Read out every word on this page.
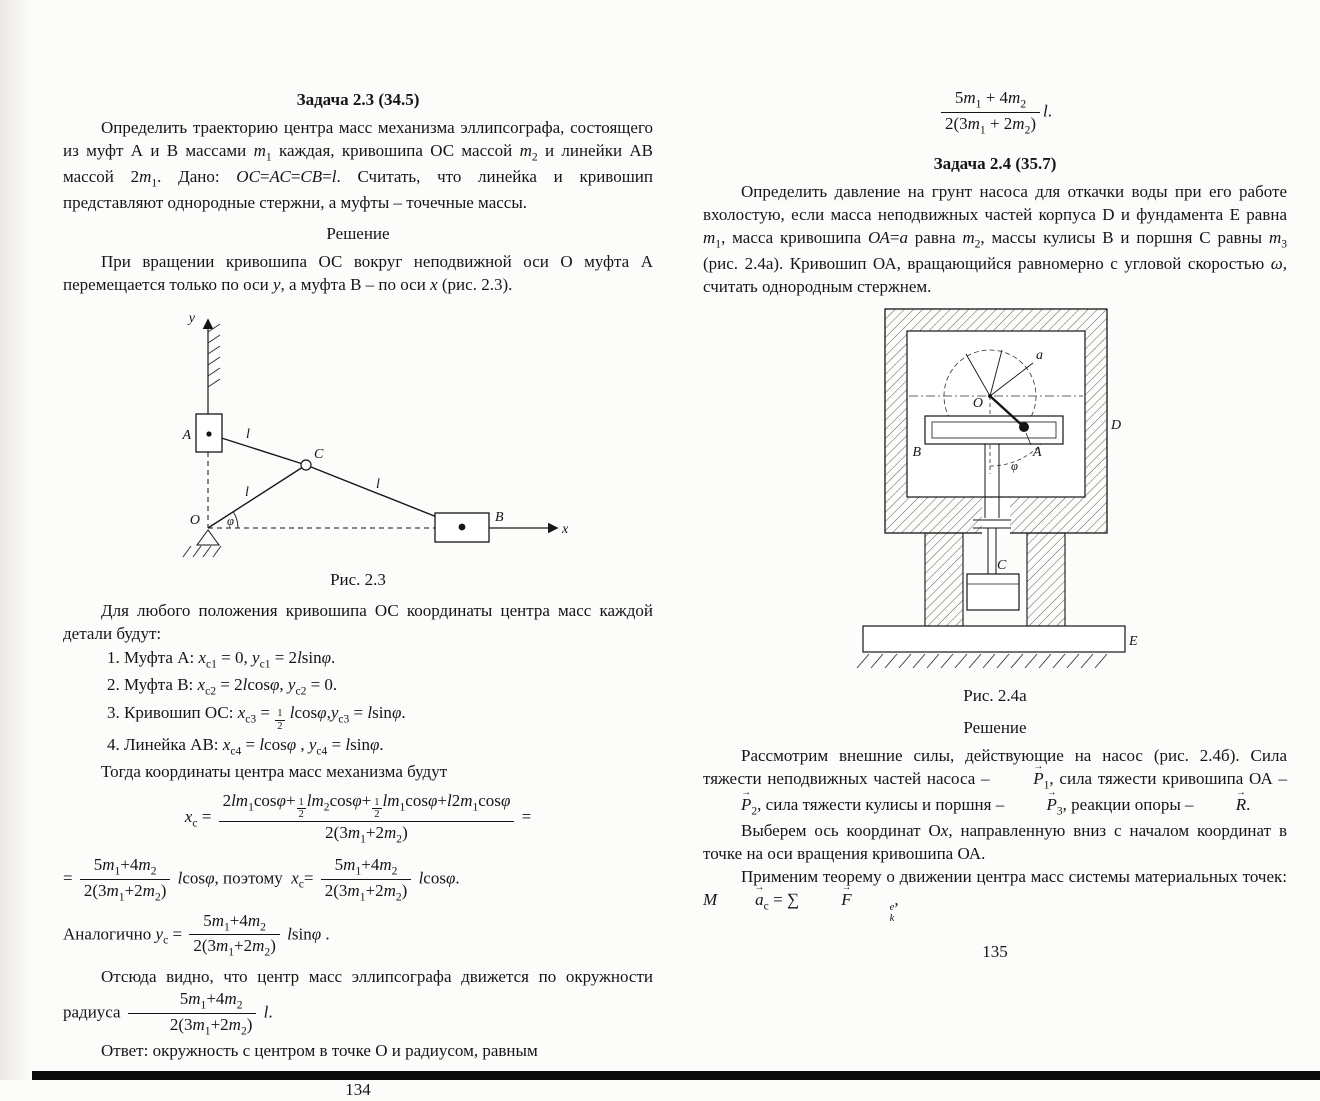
Задача 2.3 (34.5)

Определить траекторию центра масс механизма эллипсографа, состоящего из муфт А и В массами $m_1$ каждая, кривошипа ОС массой $m_2$ и линейки АВ массой $2m_1$. Дано: ОС=АС=СВ=l. Считать, что линейка и кривошип представляют однородные стержни, а муфты – точечные массы.

Решение

При вращении кривошипа ОС вокруг неподвижной оси О муфта А перемещается только по оси y, а муфта В – по оси x (рис. 2.3).

y
x
A
C
B
О
l
l
l
φ
Рис. 2.3

Для любого положения кривошипа ОС координаты центра масс каждой детали будут:

1. Муфта А: $x_{c1} = 0$, $y_{c1} = 2lsin\varphi$.
2. Муфта В: $x_{c2} = 2lcos\varphi$, $y_{c2} = 0$.
3. Кривошип ОС: $x_{c3} = \frac{1}{2} lcos\varphi,y_{c3} = lsin\varphi$.
4. Линейка АВ: $x_{c4} = lcos\varphi$ , $y_{c4} = lsin\varphi$.
Тогда координаты центра масс механизма будут
$x_c = \frac{2lm_1\cos\varphi+ \frac{1}{2} lm_2\cos\varphi+ \frac{1}{2} lm_1\cos\varphi+l2m_1\cos\varphi}{2(3m_1+2m_2)}$ =
= $\frac{5m_1+4m_2}{2(3m_1+2m_2)} lcos\varphi$, поэтому  $x_c= \frac{5m_1+4m_2}{2(3m_1+2m_2)} lcos\varphi$.
Аналогично $y_c = \frac{5m_1+4m_2}{2(3m_1+2m_2)}$ lsinφ .

Отсюда видно, что центр масс эллипсографа движется по окружности радиуса $\frac{5m_1+4m_2}{2(3m_1+2m_2)} l$.

Ответ: окружность с центром в точке О и радиусом, равным

134
$\frac{5m_1 + 4m_2}{2(3m_1 + 2m_2)} l$.
Задача 2.4 (35.7)

Определить давление на грунт насоса для откачки воды при его работе вхолостую, если масса неподвижных частей корпуса D и фундамента Е равна $m_1$, масса кривошипа ОА=а равна $m_2$, массы кулисы В и поршня С равны $m_3$ (рис. 2.4а). Кривошип ОА, вращающийся равномерно с угловой скоростью ω, считать однородным стержнем.

a
О
A
В
φ
D
С
Е
Рис. 2.4а
Решение

Рассмотрим внешние силы, действующие на насос (рис. 2.4б). Сила тяжести неподвижных частей насоса – → $P_1$, сила тяжести кривошипа ОА – → $P_2$, сила тяжести кулисы и поршня – → $P_3$, реакции опоры – → R.

Выберем ось координат Ох, направленную вниз с началом координат в точке на оси вращения кривошипа ОА.

Применим теорему о движении центра масс системы материальных точек: $M \to a_c$ = ∑ → F	e
k
,

135
